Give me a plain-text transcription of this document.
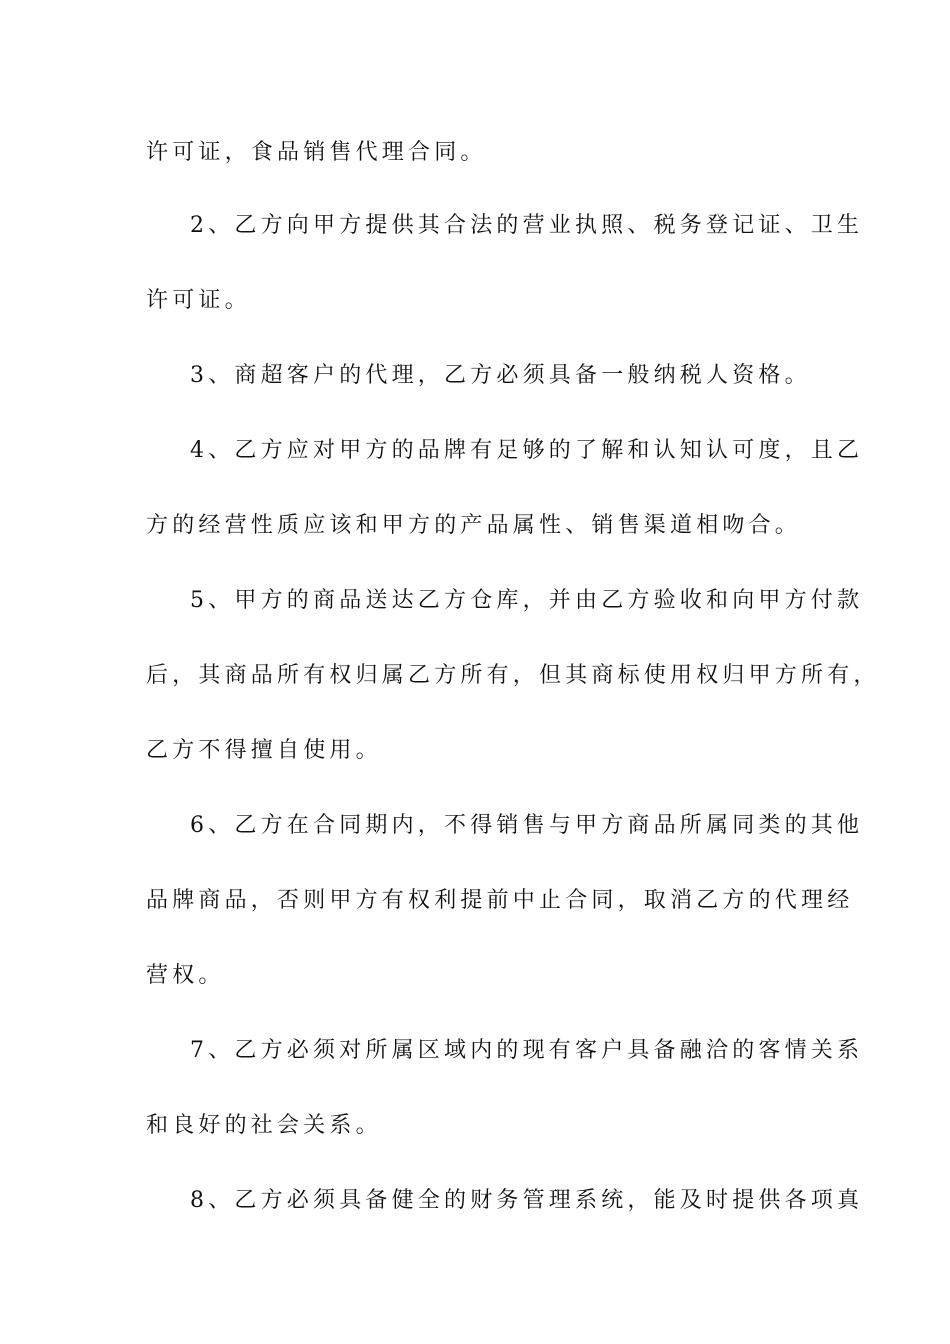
许可证，食品销售代理合同。
2、乙方向甲方提供其合法的营业执照、税务登记证、卫生
许可证。
3、商超客户的代理，乙方必须具备一般纳税人资格。
4、乙方应对甲方的品牌有足够的了解和认知认可度，且乙
方的经营性质应该和甲方的产品属性、销售渠道相吻合。
5、甲方的商品送达乙方仓库，并由乙方验收和向甲方付款
后，其商品所有权归属乙方所有，但其商标使用权归甲方所有，
乙方不得擅自使用。
6、乙方在合同期内，不得销售与甲方商品所属同类的其他
品牌商品，否则甲方有权利提前中止合同，取消乙方的代理经
营权。
7、乙方必须对所属区域内的现有客户具备融洽的客情关系
和良好的社会关系。
8、乙方必须具备健全的财务管理系统，能及时提供各项真
